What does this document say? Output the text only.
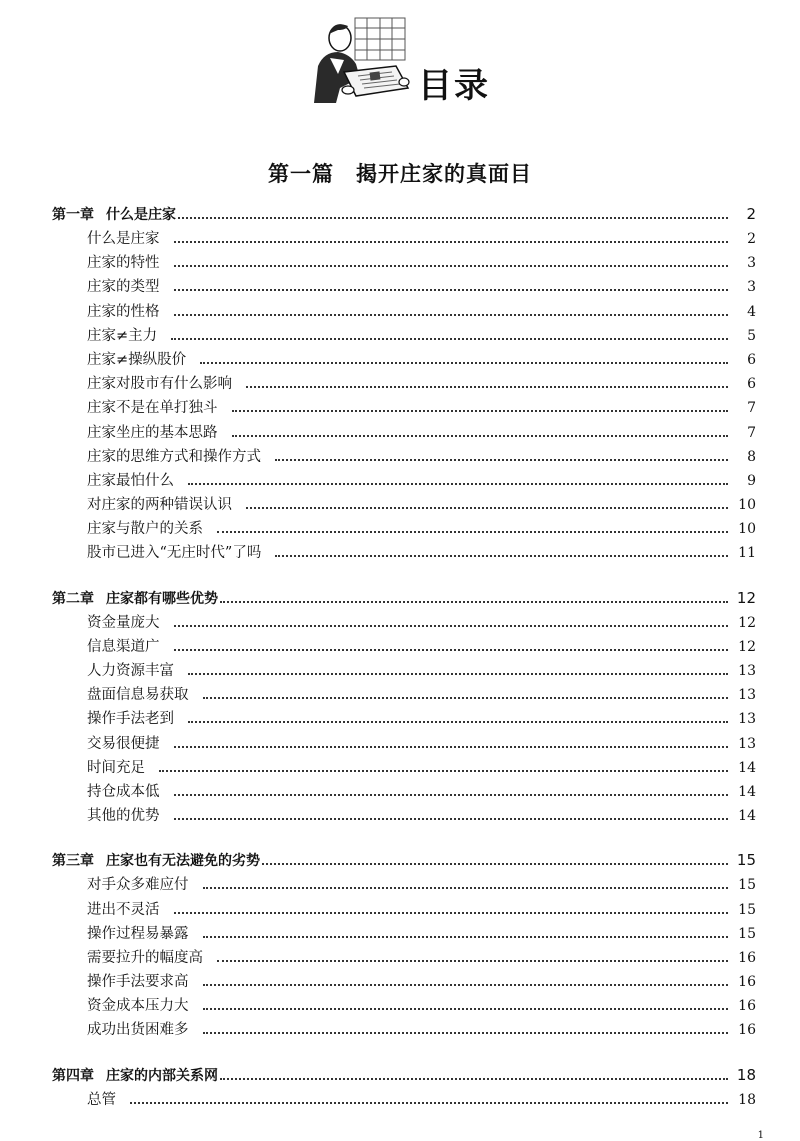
目录
第一篇　揭开庄家的真面目
第一章 什么是庄家	2
什么是庄家	2
庄家的特性	3
庄家的类型	3
庄家的性格	4
庄家≠主力	5
庄家≠操纵股价	6
庄家对股市有什么影响	6
庄家不是在单打独斗	7
庄家坐庄的基本思路	7
庄家的思维方式和操作方式	8
庄家最怕什么	9
对庄家的两种错误认识	10
庄家与散户的关系	10
股市已进入“无庄时代”了吗	11
第二章 庄家都有哪些优势	12
资金量庞大	12
信息渠道广	12
人力资源丰富	13
盘面信息易获取	13
操作手法老到	13
交易很便捷	13
时间充足	14
持仓成本低	14
其他的优势	14
第三章 庄家也有无法避免的劣势	15
对手众多难应付	15
进出不灵活	15
操作过程易暴露	15
需要拉升的幅度高	16
操作手法要求高	16
资金成本压力大	16
成功出货困难多	16
第四章 庄家的内部关系网	18
总管	18
1
